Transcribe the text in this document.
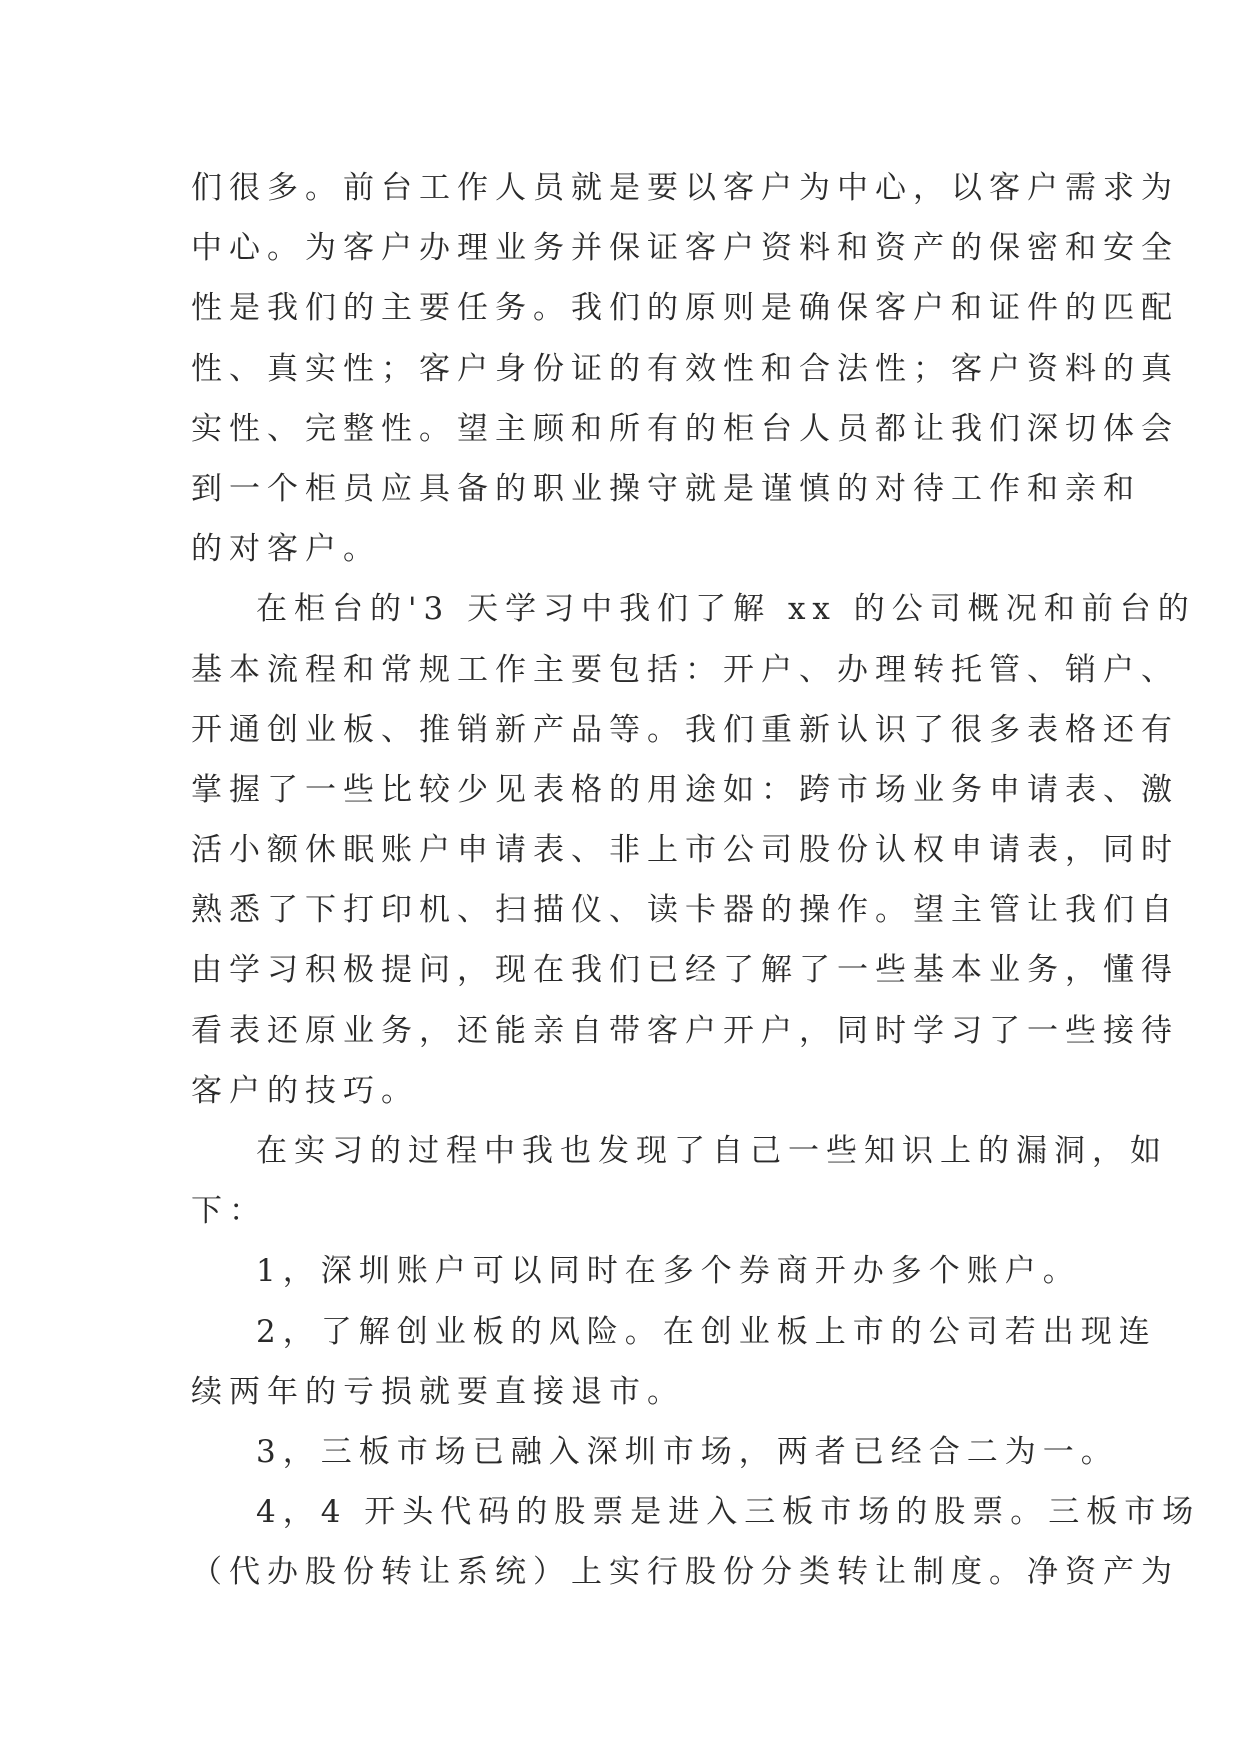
们很多。前台工作人员就是要以客户为中心，以客户需求为
中心。为客户办理业务并保证客户资料和资产的保密和安全
性是我们的主要任务。我们的原则是确保客户和证件的匹配
性、真实性；客户身份证的有效性和合法性；客户资料的真
实性、完整性。望主顾和所有的柜台人员都让我们深切体会
到一个柜员应具备的职业操守就是谨慎的对待工作和亲和
的对客户。
在柜台的'3 天学习中我们了解 xx 的公司概况和前台的
基本流程和常规工作主要包括：开户、办理转托管、销户、
开通创业板、推销新产品等。我们重新认识了很多表格还有
掌握了一些比较少见表格的用途如：跨市场业务申请表、激
活小额休眠账户申请表、非上市公司股份认权申请表，同时
熟悉了下打印机、扫描仪、读卡器的操作。望主管让我们自
由学习积极提问，现在我们已经了解了一些基本业务，懂得
看表还原业务，还能亲自带客户开户，同时学习了一些接待
客户的技巧。
在实习的过程中我也发现了自己一些知识上的漏洞，如
下：
1，深圳账户可以同时在多个券商开办多个账户。
2，了解创业板的风险。在创业板上市的公司若出现连
续两年的亏损就要直接退市。
3，三板市场已融入深圳市场，两者已经合二为一。
4，4 开头代码的股票是进入三板市场的股票。三板市场
（代办股份转让系统）上实行股份分类转让制度。净资产为
